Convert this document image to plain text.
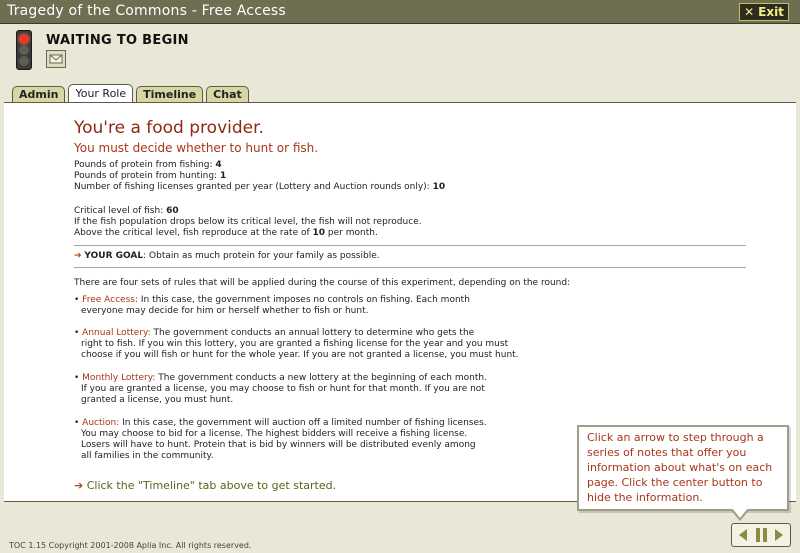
Tragedy of the Commons - Free Access	✕ Exit
WAITING TO BEGIN
Admin	Your Role	Timeline	Chat
You're a food provider.
You must decide whether to hunt or fish.
Pounds of protein from fishing: 4
Pounds of protein from hunting: 1
Number of fishing licenses granted per year (Lottery and Auction rounds only): 10
Critical level of fish: 60
If the fish population drops below its critical level, the fish will not reproduce.
Above the critical level, fish reproduce at the rate of 10 per month.
➔ YOUR GOAL: Obtain as much protein for your family as possible.
There are four sets of rules that will be applied during the course of this experiment, depending on the round:
• Free Access: In this case, the government imposes no controls on fishing. Each month
everyone may decide for him or herself whether to fish or hunt.
• Annual Lottery: The government conducts an annual lottery to determine who gets the
right to fish. If you win this lottery, you are granted a fishing license for the year and you must
choose if you will fish or hunt for the whole year. If you are not granted a license, you must hunt.
• Monthly Lottery: The government conducts a new lottery at the beginning of each month.
If you are granted a license, you may choose to fish or hunt for that month. If you are not
granted a license, you must hunt.
• Auction: In this case, the government will auction off a limited number of fishing licenses.
You may choose to bid for a license. The highest bidders will receive a fishing license.
Losers will have to hunt. Protein that is bid by winners will be distributed evenly among
all families in the community.
➔ Click the "Timeline" tab above to get started.
Click an arrow to step through a series of notes that offer you information about what's on each page. Click the center button to hide the information.
TOC 1.15 Copyright 2001-2008 Aplia Inc. All rights reserved.
